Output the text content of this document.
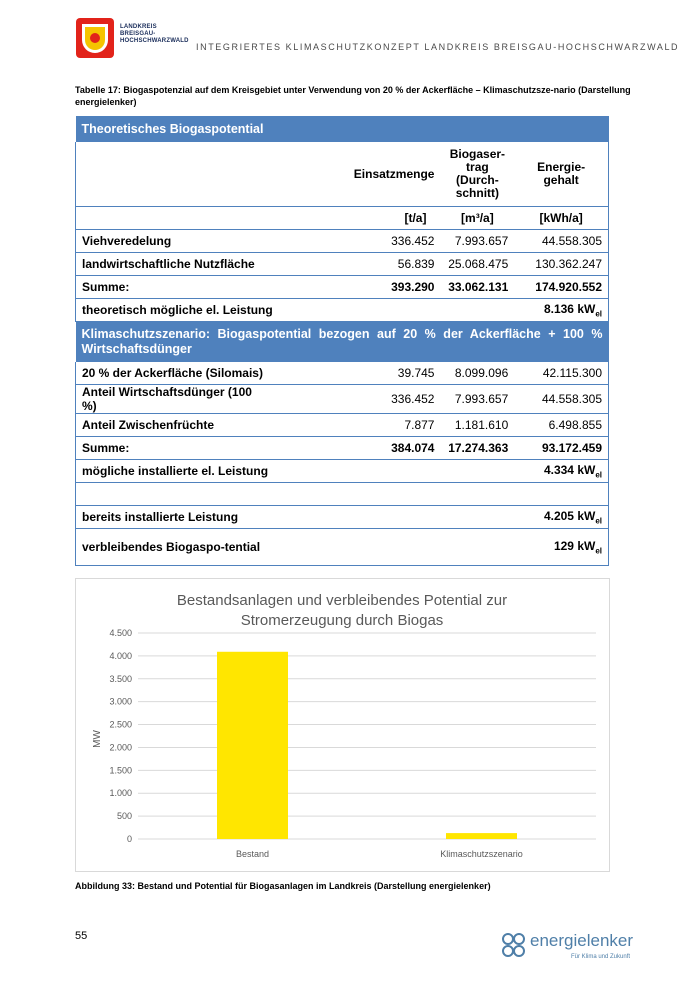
LANDKREIS
BREISGAU-
HOCHSCHWARZWALD
INTEGRIERTES KLIMASCHUTZKONZEPT LANDKREIS BREISGAU-HOCHSCHWARZWALD
Tabelle 17: Biogaspotenzial auf dem Kreisgebiet unter Verwendung von 20 % der Ackerfläche – Klimaschutzsze-nario (Darstellung energielenker)
Theoretisches Biogaspotential			
	Einsatzmenge	Biogaser-trag (Durch-schnitt)	Energie-gehalt
	[t/a]	[m³/a]	[kWh/a]
Viehveredelung	336.452	7.993.657	44.558.305
landwirtschaftliche Nutzfläche	56.839	25.068.475	130.362.247
Summe:	393.290	33.062.131	174.920.552
theoretisch mögliche el. Leistung			8.136 $kW_{el}$
Klimaschutzszenario: Biogaspotential bezogen auf 20 % der Ackerfläche + 100 % Wirtschaftsdünger			
20 % der Ackerfläche (Silomais)	39.745	8.099.096	42.115.300
Anteil Wirtschaftsdünger (100 %)	336.452	7.993.657	44.558.305
Anteil Zwischenfrüchte	7.877	1.181.610	6.498.855
Summe:	384.074	17.274.363	93.172.459
mögliche installierte el. Leistung			4.334 $kW_{el}$

bereits installierte Leistung			4.205 $kW_{el}$
verbleibendes Biogaspo-tential			129 $kW_{el}$
Bestandsanlagen und verbleibendes Potential zur
Stromerzeugung durch Biogas
0
500
1.000
1.500
2.000
2.500
3.000
3.500
4.000
4.500
Bestand	Klimaschutzszenario
MW
Abbildung 33: Bestand und Potential für Biogasanlagen im Landkreis (Darstellung energielenker)
55	energielenker
Für Klima und Zukunft
